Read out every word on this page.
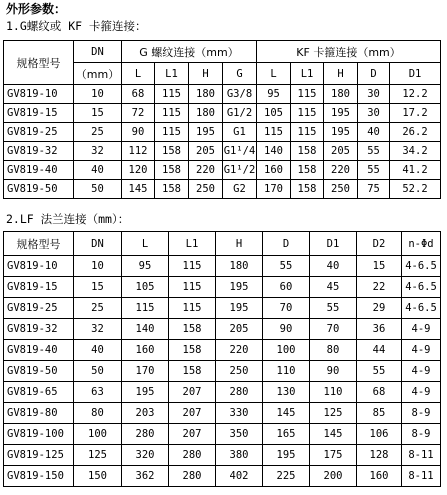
外形参数：
1.G螺纹或 KF 卡箍连接：
规格型号	DN	G 螺纹连接（mm）				KF 卡箍连接（mm）				
	（mm）	L	L1	H	G	L	L1	H	D	D1
GV819-10	10	68	115	180	G3/8	95	115	180	30	12.2
GV819-15	15	72	115	180	G1/2	105	115	195	30	17.2
GV819-25	25	90	115	195	G1	115	115	195	40	26.2
GV819-32	32	112	158	205	G1¹/4	140	158	205	55	34.2
GV819-40	40	120	158	220	G1¹/2	160	158	220	55	41.2
GV819-50	50	145	158	250	G2	170	158	250	75	52.2
2.LF 法兰连接（mm）：
规格型号	DN	L	L1	H	D	D1	D2	n-Φd
GV819-10	10	95	115	180	55	40	15	4-6.5
GV819-15	15	105	115	195	60	45	22	4-6.5
GV819-25	25	115	115	195	70	55	29	4-6.5
GV819-32	32	140	158	205	90	70	36	4-9
GV819-40	40	160	158	220	100	80	44	4-9
GV819-50	50	170	158	250	110	90	55	4-9
GV819-65	63	195	207	280	130	110	68	4-9
GV819-80	80	203	207	330	145	125	85	8-9
GV819-100	100	280	207	350	165	145	106	8-9
GV819-125	125	320	280	380	195	175	128	8-11
GV819-150	150	362	280	402	225	200	160	8-11
